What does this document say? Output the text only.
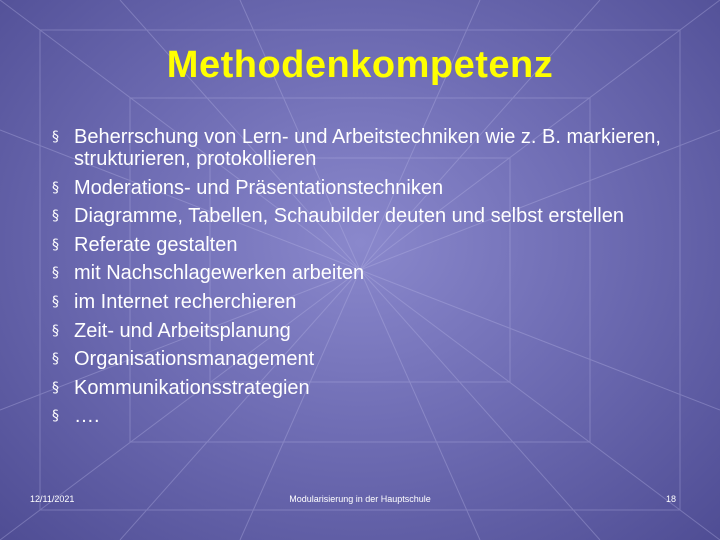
Methodenkompetenz
§ Beherrschung von Lern- und Arbeitstechniken wie z. B. markieren, strukturieren, protokollieren
§ Moderations- und Präsentationstechniken
§ Diagramme, Tabellen, Schaubilder deuten und selbst erstellen
§ Referate gestalten
§ mit Nachschlagewerken arbeiten
§ im Internet recherchieren
§ Zeit- und Arbeitsplanung
§ Organisationsmanagement
§ Kommunikationsstrategien
§ ….
12/11/2021	Modularisierung in der Hauptschule	18
